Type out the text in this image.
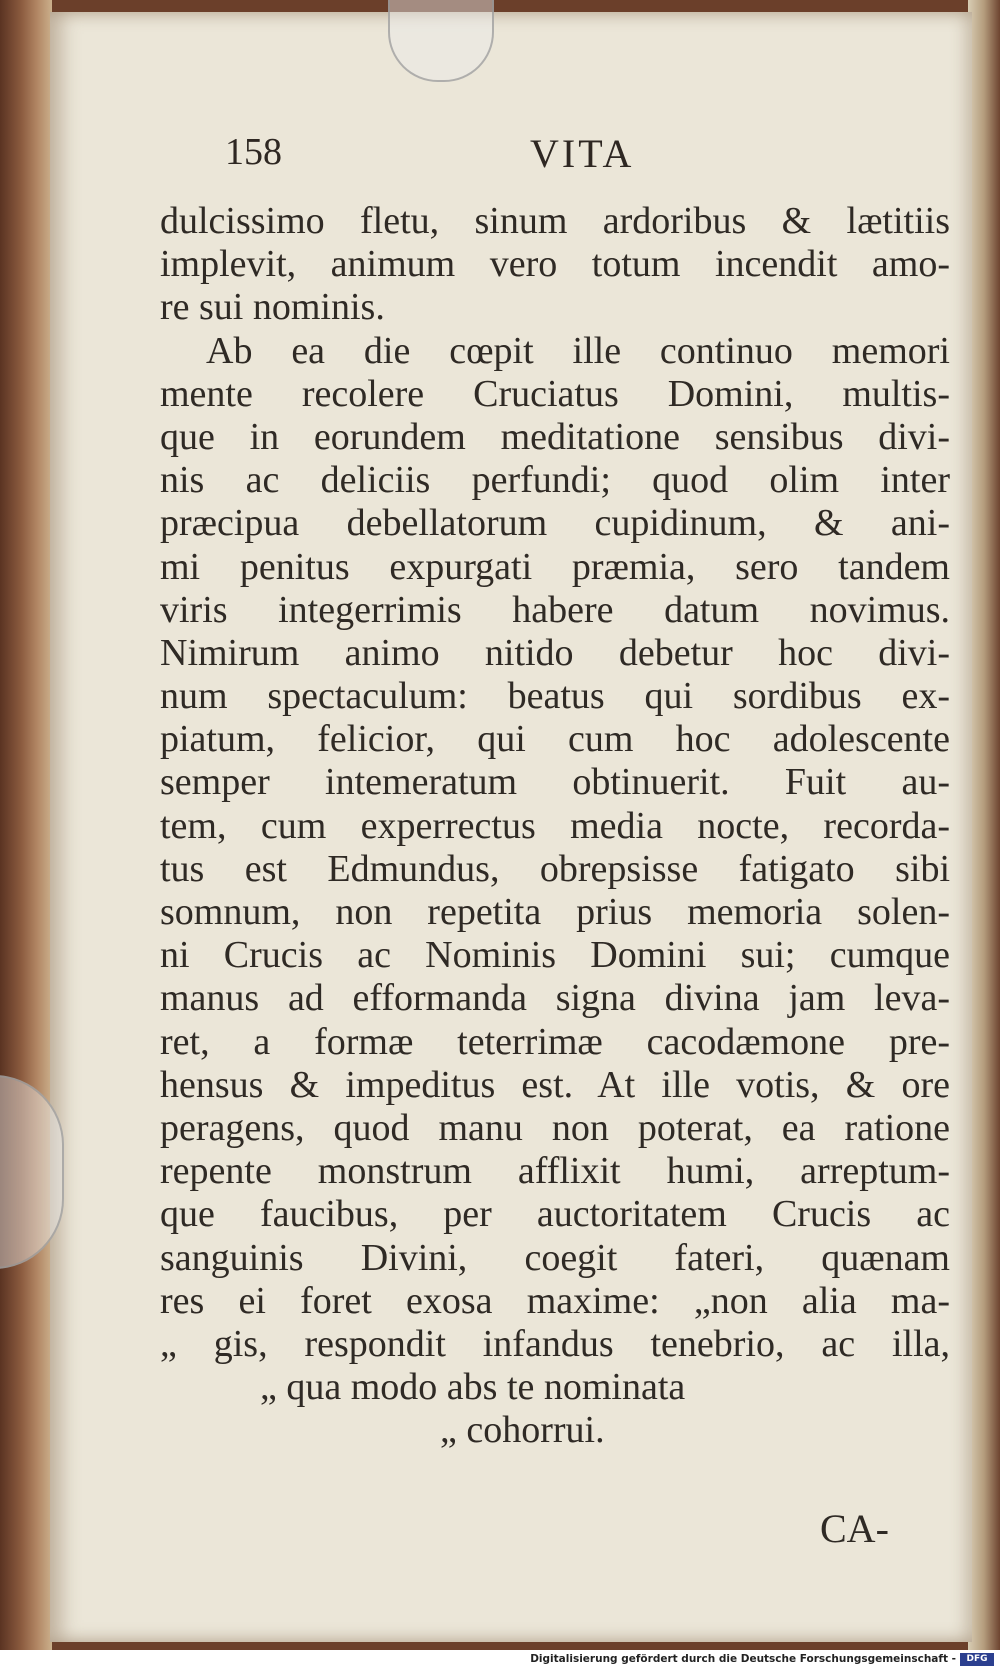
158	VITA
dulcissimo fletu, sinum ardoribus & lætitiis
implevit, animum vero totum incendit amo-
re sui nominis.
Ab ea die cœpit ille continuo memori
mente recolere Cruciatus Domini, multis-
que in eorundem meditatione sensibus divi-
nis ac deliciis perfundi; quod olim inter
præcipua debellatorum cupidinum, & ani-
mi penitus expurgati præmia, sero tandem
viris integerrimis habere datum novimus.
Nimirum animo nitido debetur hoc divi-
num spectaculum: beatus qui sordibus ex-
piatum, felicior, qui cum hoc adolescente
semper intemeratum obtinuerit. Fuit au-
tem, cum experrectus media nocte, recorda-
tus est Edmundus, obrepsisse fatigato sibi
somnum, non repetita prius memoria solen-
ni Crucis ac Nominis Domini sui; cumque
manus ad efformanda signa divina jam leva-
ret, a formæ teterrimæ cacodæmone pre-
hensus & impeditus est. At ille votis, & ore
peragens, quod manu non poterat, ea ratione
repente monstrum afflixit humi, arreptum-
que faucibus, per auctoritatem Crucis ac
sanguinis Divini, coegit fateri, quænam
res ei foret exosa maxime: „non alia ma-
„ gis, respondit infandus tenebrio, ac illa,
„ qua modo abs te nominata
„ cohorrui.
CA-
Digitalisierung gefördert durch die Deutsche Forschungsgemeinschaft -	DFG
